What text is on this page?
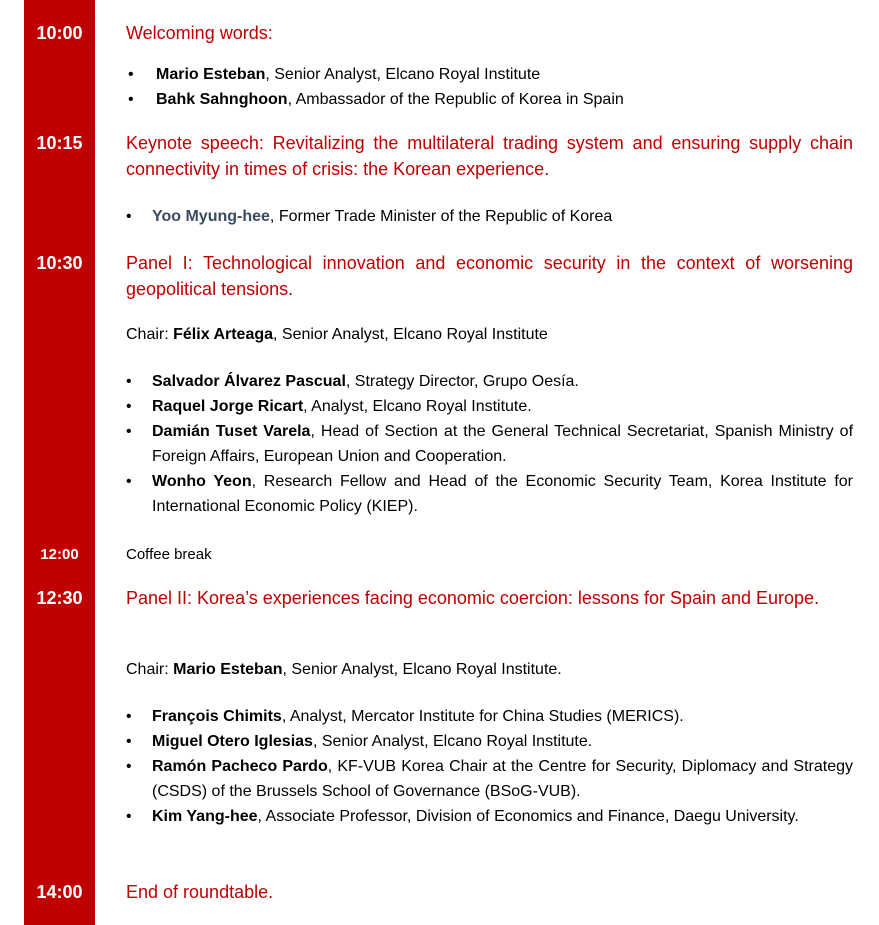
10:00	Welcoming words:
• Mario Esteban, Senior Analyst, Elcano Royal Institute
• Bahk Sahnghoon, Ambassador of the Republic of Korea in Spain
10:15	Keynote speech: Revitalizing the multilateral trading system and ensuring supply chain connectivity in times of crisis: the Korean experience.
• Yoo Myung-hee, Former Trade Minister of the Republic of Korea
10:30	Panel I: Technological innovation and economic security in the context of worsening geopolitical tensions.
Chair: Félix Arteaga, Senior Analyst, Elcano Royal Institute
• Salvador Álvarez Pascual, Strategy Director, Grupo Oesía.
• Raquel Jorge Ricart, Analyst, Elcano Royal Institute.
• Damián Tuset Varela, Head of Section at the General Technical Secretariat, Spanish Ministry of Foreign Affairs, European Union and Cooperation.
• Wonho Yeon, Research Fellow and Head of the Economic Security Team, Korea Institute for International Economic Policy (KIEP).
12:00	Coffee break
12:30	Panel II: Korea’s experiences facing economic coercion: lessons for Spain and Europe.
Chair: Mario Esteban, Senior Analyst, Elcano Royal Institute.
• François Chimits, Analyst, Mercator Institute for China Studies (MERICS).
• Miguel Otero Iglesias, Senior Analyst, Elcano Royal Institute.
• Ramón Pacheco Pardo, KF-VUB Korea Chair at the Centre for Security, Diplomacy and Strategy (CSDS) of the Brussels School of Governance (BSoG-VUB).
• Kim Yang-hee, Associate Professor, Division of Economics and Finance, Daegu University.
14:00	End of roundtable.
